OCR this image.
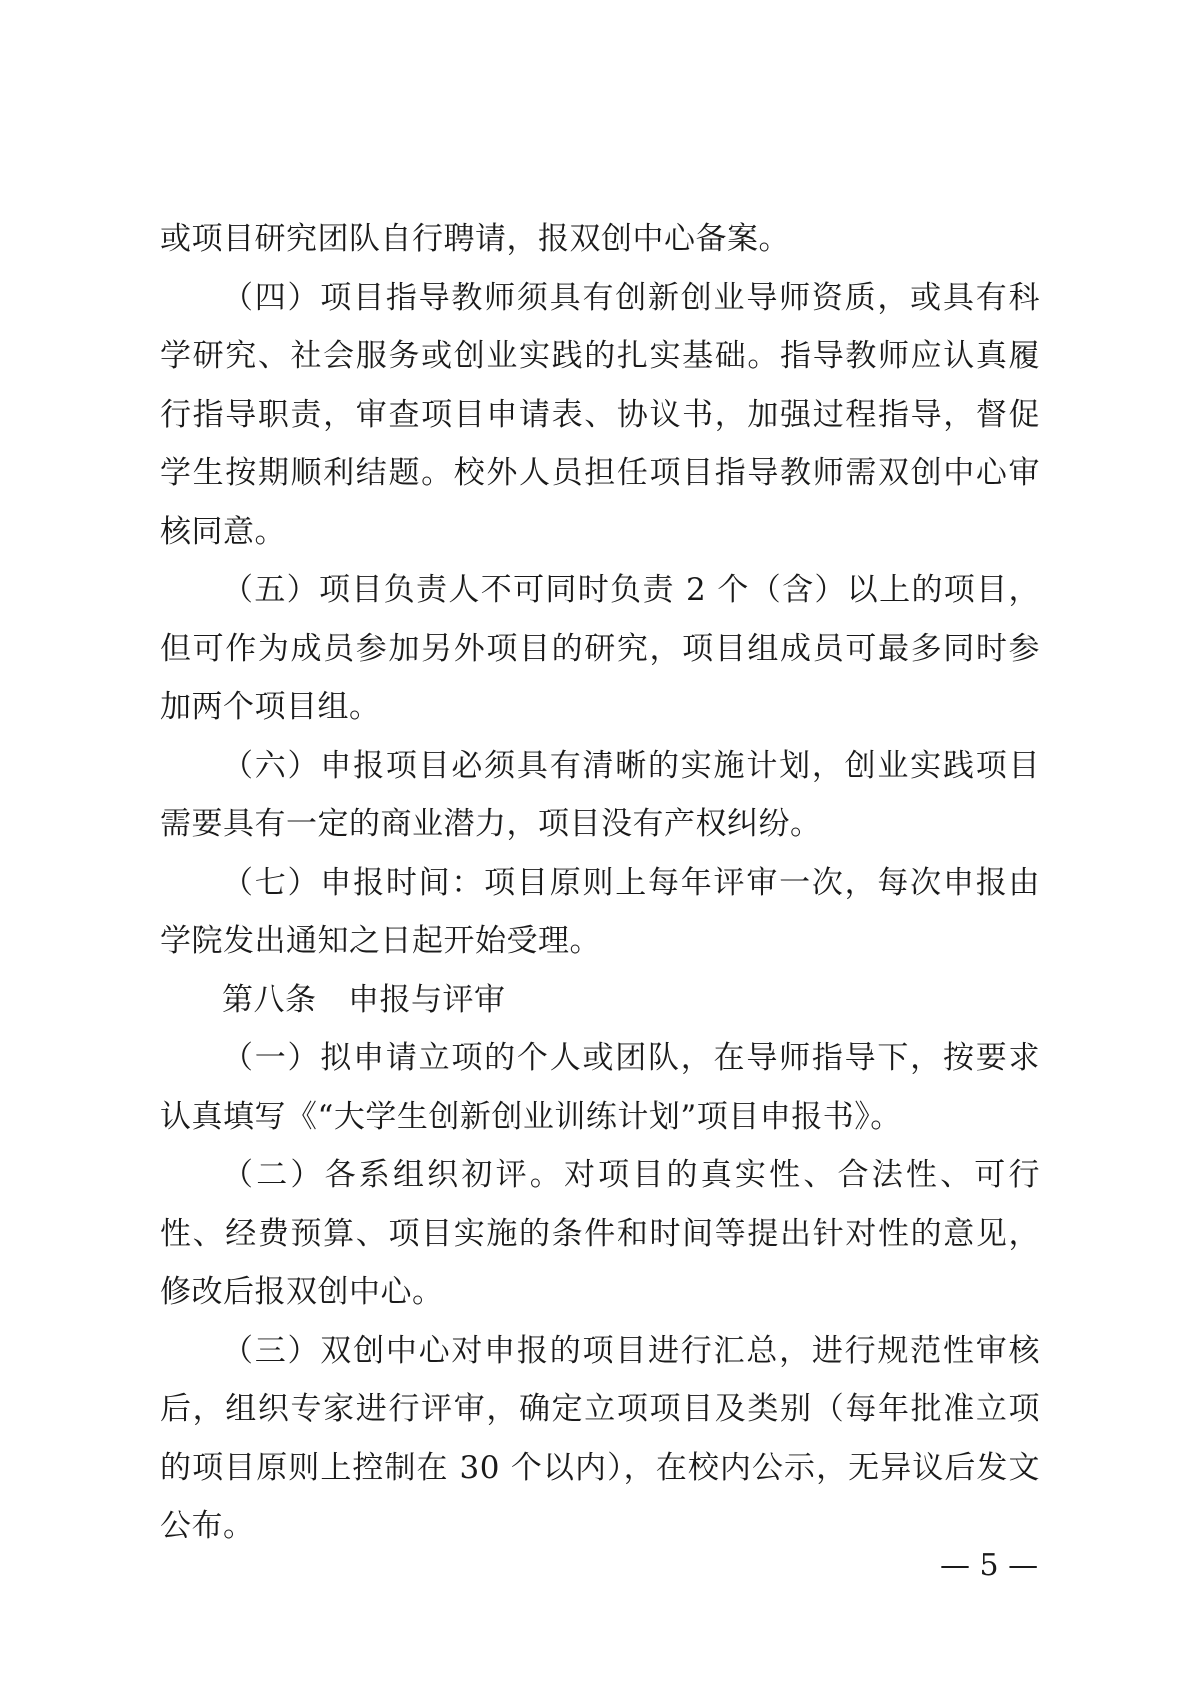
或项目研究团队自行聘请，报双创中心备案。

（四）项目指导教师须具有创新创业导师资质，或具有科学研究、社会服务或创业实践的扎实基础。指导教师应认真履行指导职责，审查项目申请表、协议书，加强过程指导，督促学生按期顺利结题。校外人员担任项目指导教师需双创中心审核同意。

（五）项目负责人不可同时负责 2 个（含）以上的项目，但可作为成员参加另外项目的研究，项目组成员可最多同时参加两个项目组。

（六）申报项目必须具有清晰的实施计划，创业实践项目需要具有一定的商业潜力，项目没有产权纠纷。

（七）申报时间：项目原则上每年评审一次，每次申报由学院发出通知之日起开始受理。

第八条　申报与评审

（一）拟申请立项的个人或团队，在导师指导下，按要求认真填写《“大学生创新创业训练计划”项目申报书》。

（二）各系组织初评。对项目的真实性、合法性、可行性、经费预算、项目实施的条件和时间等提出针对性的意见，修改后报双创中心。

（三）双创中心对申报的项目进行汇总，进行规范性审核后，组织专家进行评审，确定立项项目及类别（每年批准立项的项目原则上控制在 30 个以内），在校内公示，无异议后发文公布。

— 5 —
